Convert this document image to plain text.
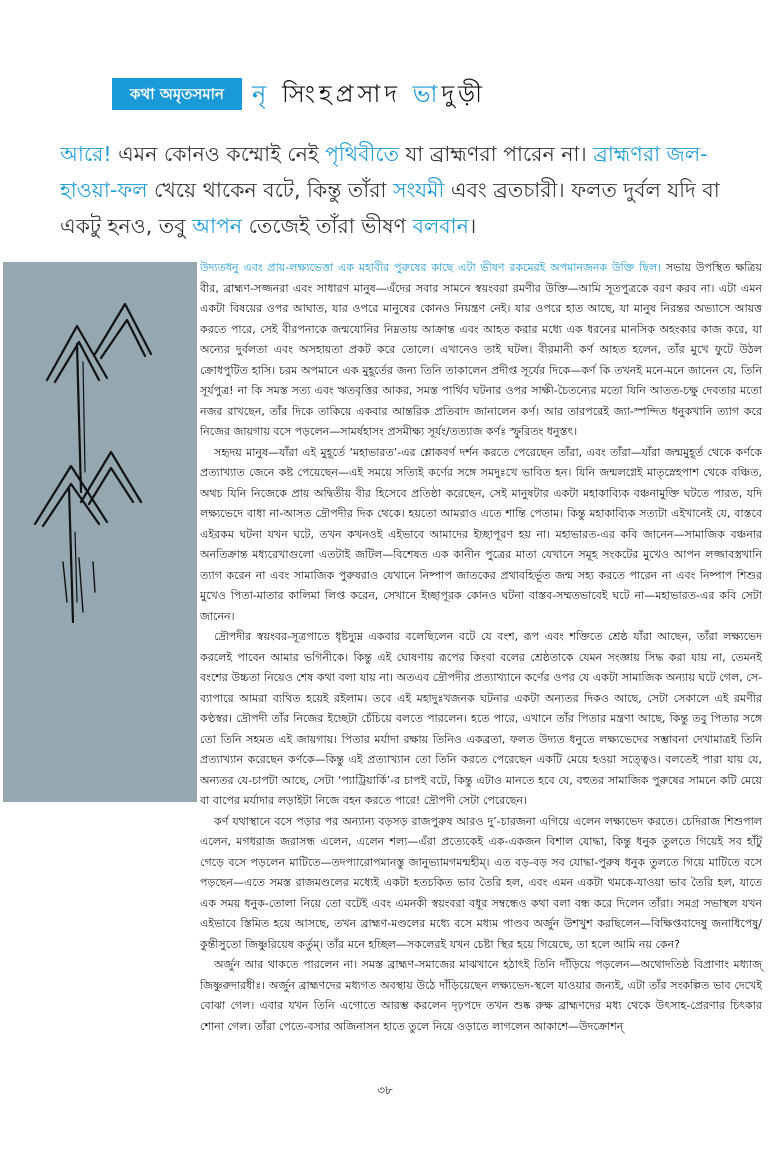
কথা অমৃতসমান	নৃ সিংহপ্রসাদ ভাদুড়ী
আরে! এমন কোনও কম্মোই নেই পৃথিবীতে যা ব্রাহ্মণরা পারেন না। ব্রাহ্মণরা জল-হাওয়া-ফল খেয়ে থাকেন বটে, কিন্তু তাঁরা সংযমী এবং ব্রতচারী। ফলত দুর্বল যদি বা একটু হনও, তবু আপন তেজেই তাঁরা ভীষণ বলবান।

উদ্যতধনু এবং প্রায়-লক্ষ্যভেত্তা এক মহাবীর পুরুষের কাছে এটা ভীষণ রকমেরই অপমানজনক উক্তি ছিল। সভায় উপস্থিত ক্ষত্রিয় বীর, ব্রাহ্মণ-সজ্জনরা এবং সাধারণ মানুষ—এঁদের সবার সামনে স্বয়ংবরা রমণীর উক্তি—আমি সূতপুত্রকে বরণ করব না। এটা এমন একটা বিষয়ের ওপর আঘাত, যার ওপরে মানুষের কোনও নিয়ন্ত্রণ নেই। যার ওপরে হাত আছে, যা মানুষ নিরন্তর অভ্যাসে আয়ত্ত করতে পারে, সেই বীরপনাকে জন্মযোনির নিম্নতায় আক্রান্ত এবং আহত করার মধ্যে এক ধরনের মানসিক অহংকার কাজ করে, যা অন্যের দুর্বলতা এবং অসহায়তা প্রকট করে তোলে। এখানেও তাই ঘটল। বীরমানী কর্ণ আহত হলেন, তাঁর মুখে ফুটে উঠল ক্রোধপুটিত হাসি। চরম অপমানে এক মুহূর্তের জন্য তিনি তাকালেন প্রদীপ্ত সূর্যের দিকে—কর্ণ কি তখনই মনে-মনে জানেন যে, তিনি সূর্যপুত্র! না কি সমস্ত সত্য এবং ঋতবৃত্তির আকর, সমস্ত পার্থিব ঘটনার ওপর সাক্ষী-চৈতন্যের মতো যিনি আতত-চক্ষু দেবতার মতো নজর রাখছেন, তাঁর দিকে তাকিয়ে একবার আন্তরিক প্রতিবাদ জানালেন কর্ণ। আর তারপরেই জ্যা-স্পন্দিত ধনুকখানি ত্যাগ করে নিজের জায়গায় বসে পড়লেন—সামর্ষহাসং প্রসমীক্ষ্য সূর্যং/তত্যাজ কর্ণঃ স্ফুরিতং ধনুস্তৎ।

সহৃদয় মানুষ—যাঁরা এই মুহূর্তে ‘মহাভারত’-এর শ্লোকবর্ণ দর্শন করতে পেরেছেন তাঁরা, এবং তাঁরা—যাঁরা জন্মমুহূর্ত থেকে কর্ণকে প্রত্যাখ্যাত জেনে কষ্ট পেয়েছেন—এই সময়ে সত্যিই কর্ণের সঙ্গে সমদুঃখে ভাবিত হন। যিনি জন্মলগ্নেই মাতৃস্নেহপাশ থেকে বঞ্চিত, অথচ যিনি নিজেকে প্রায় অদ্বিতীয় বীর হিসেবে প্রতিষ্ঠা করেছেন, সেই মানুষটার একটা মহাকাব্যিক বঞ্চনামুক্তি ঘটতে পারত, যদি লক্ষ্যভেদে বাধা না-আসত দ্রৌপদীর দিক থেকে। হয়তো আমরাও এতে শান্তি পেতাম। কিন্তু মহাকাব্যিক সত্যটা এইখানেই যে, বাস্তবে এইরকম ঘটনা যখন ঘটে, তখন কখনওই এইভাবে আমাদের ইচ্ছাপূরণ হয় না। মহাভারত-এর কবি জানেন—সামাজিক বঞ্চনার অনতিক্রান্ত মধ্যরেখাগুলো এতটাই জটিল—বিশেষত এক কানীন পুত্রের মাতা যেখানে সমূহ সংকটের মুখেও আপন লজ্জাবস্ত্রখানি ত্যাগ করেন না এবং সামাজিক পুরুষরাও যেখানে নিষ্পাপ জাতকের প্রথাবহির্ভূত জন্ম সহ্য করতে পারেন না এবং নিষ্পাপ শিশুর মুখেও পিতা-মাতার কালিমা লিপ্ত করেন, সেখানে ইচ্ছাপূরক কোনও ঘটনা বাস্তব-সম্মতভাবেই ঘটে না—মহাভারত-এর কবি সেটা জানেন।

দ্রৌপদীর স্বয়ংবর-সূত্রপাতে ধৃষ্টদ্যুম্ন একবার বলেছিলেন বটে যে বংশ, রূপ এবং শক্তিতে শ্রেষ্ঠ যাঁরা আছেন, তাঁরা লক্ষ্যভেদ করলেই পাবেন আমার ভগিনীকে। কিন্তু এই ঘোষণায় রূপের কিংবা বলের শ্রেষ্ঠতাকে যেমন সংজ্ঞায় সিদ্ধ করা যায় না, তেমনই বংশের উচ্চতা নিয়েও শেষ কথা বলা যায় না। অতএব দ্রৌপদীর প্রত্যাখ্যানে কর্ণের ওপর যে একটা সামাজিক অন্যায় ঘটে গেল, সে-ব্যাপারে আমরা ব্যথিত হয়েই রইলাম। তবে এই মহাদুঃখজনক ঘটনার একটা অন্যতর দিকও আছে, সেটা সেকালে এই রমণীর কণ্ঠস্বর। দ্রৌপদী তাঁর নিজের ইচ্ছেটা চেঁচিয়ে বলতে পারলেন। হতে পারে, এখানে তাঁর পিতার মন্ত্রণা আছে, কিন্তু তবু পিতার সঙ্গে তো তিনি সহমত এই জায়গায়। পিতার মর্যাদা রক্ষায় তিনিও একব্রতা, ফলত উদ্যত ধনুতে লক্ষ্যভেদের সম্ভাবনা দেখামাত্রই তিনি প্রত্যাখ্যান করেছেন কর্ণকে—কিন্তু এই প্রত্যাখ্যান তো তিনি করতে পেরেছেন একটি মেয়ে হওয়া সত্ত্বেও। বলতেই পারা যায় যে, অন্যতর যে-চাপটা আছে, সেটা ‘প্যাট্রিয়ার্কি’-র চাপই বটে, কিন্তু এটাও মানতে হবে যে, বহুতর সামাজিক পুরুষের সামনে কটি মেয়ে বা বাপের মর্যাদার লড়াইটা নিজে বহন করতে পারে! দ্রৌপদী সেটা পেরেছেন।

কর্ণ যথাস্থানে বসে পড়ার পর অন্যান্য বড়সড় রাজপুরুষ আরও দু’-চারজনা এগিয়ে এলেন লক্ষ্যভেদ করতে। চেদিরাজ শিশুপাল এলেন, মগধরাজ জরাসন্ধ এলেন, এলেন শল্য—এঁরা প্রত্যেকেই এক-একজন বিশাল যোদ্ধা, কিন্তু ধনুক তুলতে গিয়েই সব হাঁটু গেড়ে বসে পড়লেন মাটিতে—তদপ্যারোপমানস্তু জানুভ্যামগমন্মহীম্। এত বড়-বড় সব যোদ্ধা-পুরুষ ধনুক তুলতে গিয়ে মাটিতে বসে পড়ছেন—এতে সমস্ত রাজমণ্ডলের মধ্যেই একটা হতচকিত ভাব তৈরি হল, এবং এমন একটা থমকে-যাওয়া ভাব তৈরি হল, যাতে এক সময় ধনুক-তোলা নিয়ে তো বটেই এবং এমনকী স্বয়ংবরা বধূর সম্বন্ধেও কথা বলা বন্ধ করে দিলেন তাঁরা। সমগ্র সভাস্থল যখন এইভাবে স্তিমিত হয়ে আসছে, তখন ব্রাহ্মণ-মণ্ডলের মধ্যে বসে মধ্যম পাণ্ডব অর্জুন উশখুশ করছিলেন—বিক্ষিপ্তবাদেষু জনাধিপেষু/কুন্তীসুতো জিষ্ণুরিয়েষ কর্তুম্। তাঁর মনে হচ্ছিল—সকলেরই যখন চেষ্টা স্থির হয়ে গিয়েছে, তা হলে আমি নয় কেন?

অর্জুন আর থাকতে পারলেন না। সমস্ত ব্রাহ্মণ-সমাজের মাঝখানে হঠাৎই তিনি দাঁড়িয়ে পড়লেন—অথোদতিষ্ঠ বিপ্রাণাং মধ্যাজ্ জিষ্ণুরুদারধীঃ। অর্জুন ব্রাহ্মণদের মধ্যগত অবস্থায় উঠে দাঁড়িয়েছেন লক্ষ্যভেদ-স্থলে যাওয়ার জন্যই, এটা তাঁর সংকল্পিত ভাব দেখেই বোঝা গেল। এবার যখন তিনি এগোতে আরম্ভ করলেন দৃঢ়পদে তখন শুষ্ক রুক্ষ ব্রাহ্মণদের মধ্য থেকে উৎসাহ-প্রেরণার চিৎকার শোনা গেল। তাঁরা পেতে-বসার অজিনাসন হাতে তুলে নিয়ে ওড়াতে লাগলেন আকাশে—উদক্রোশন্

৩৮
